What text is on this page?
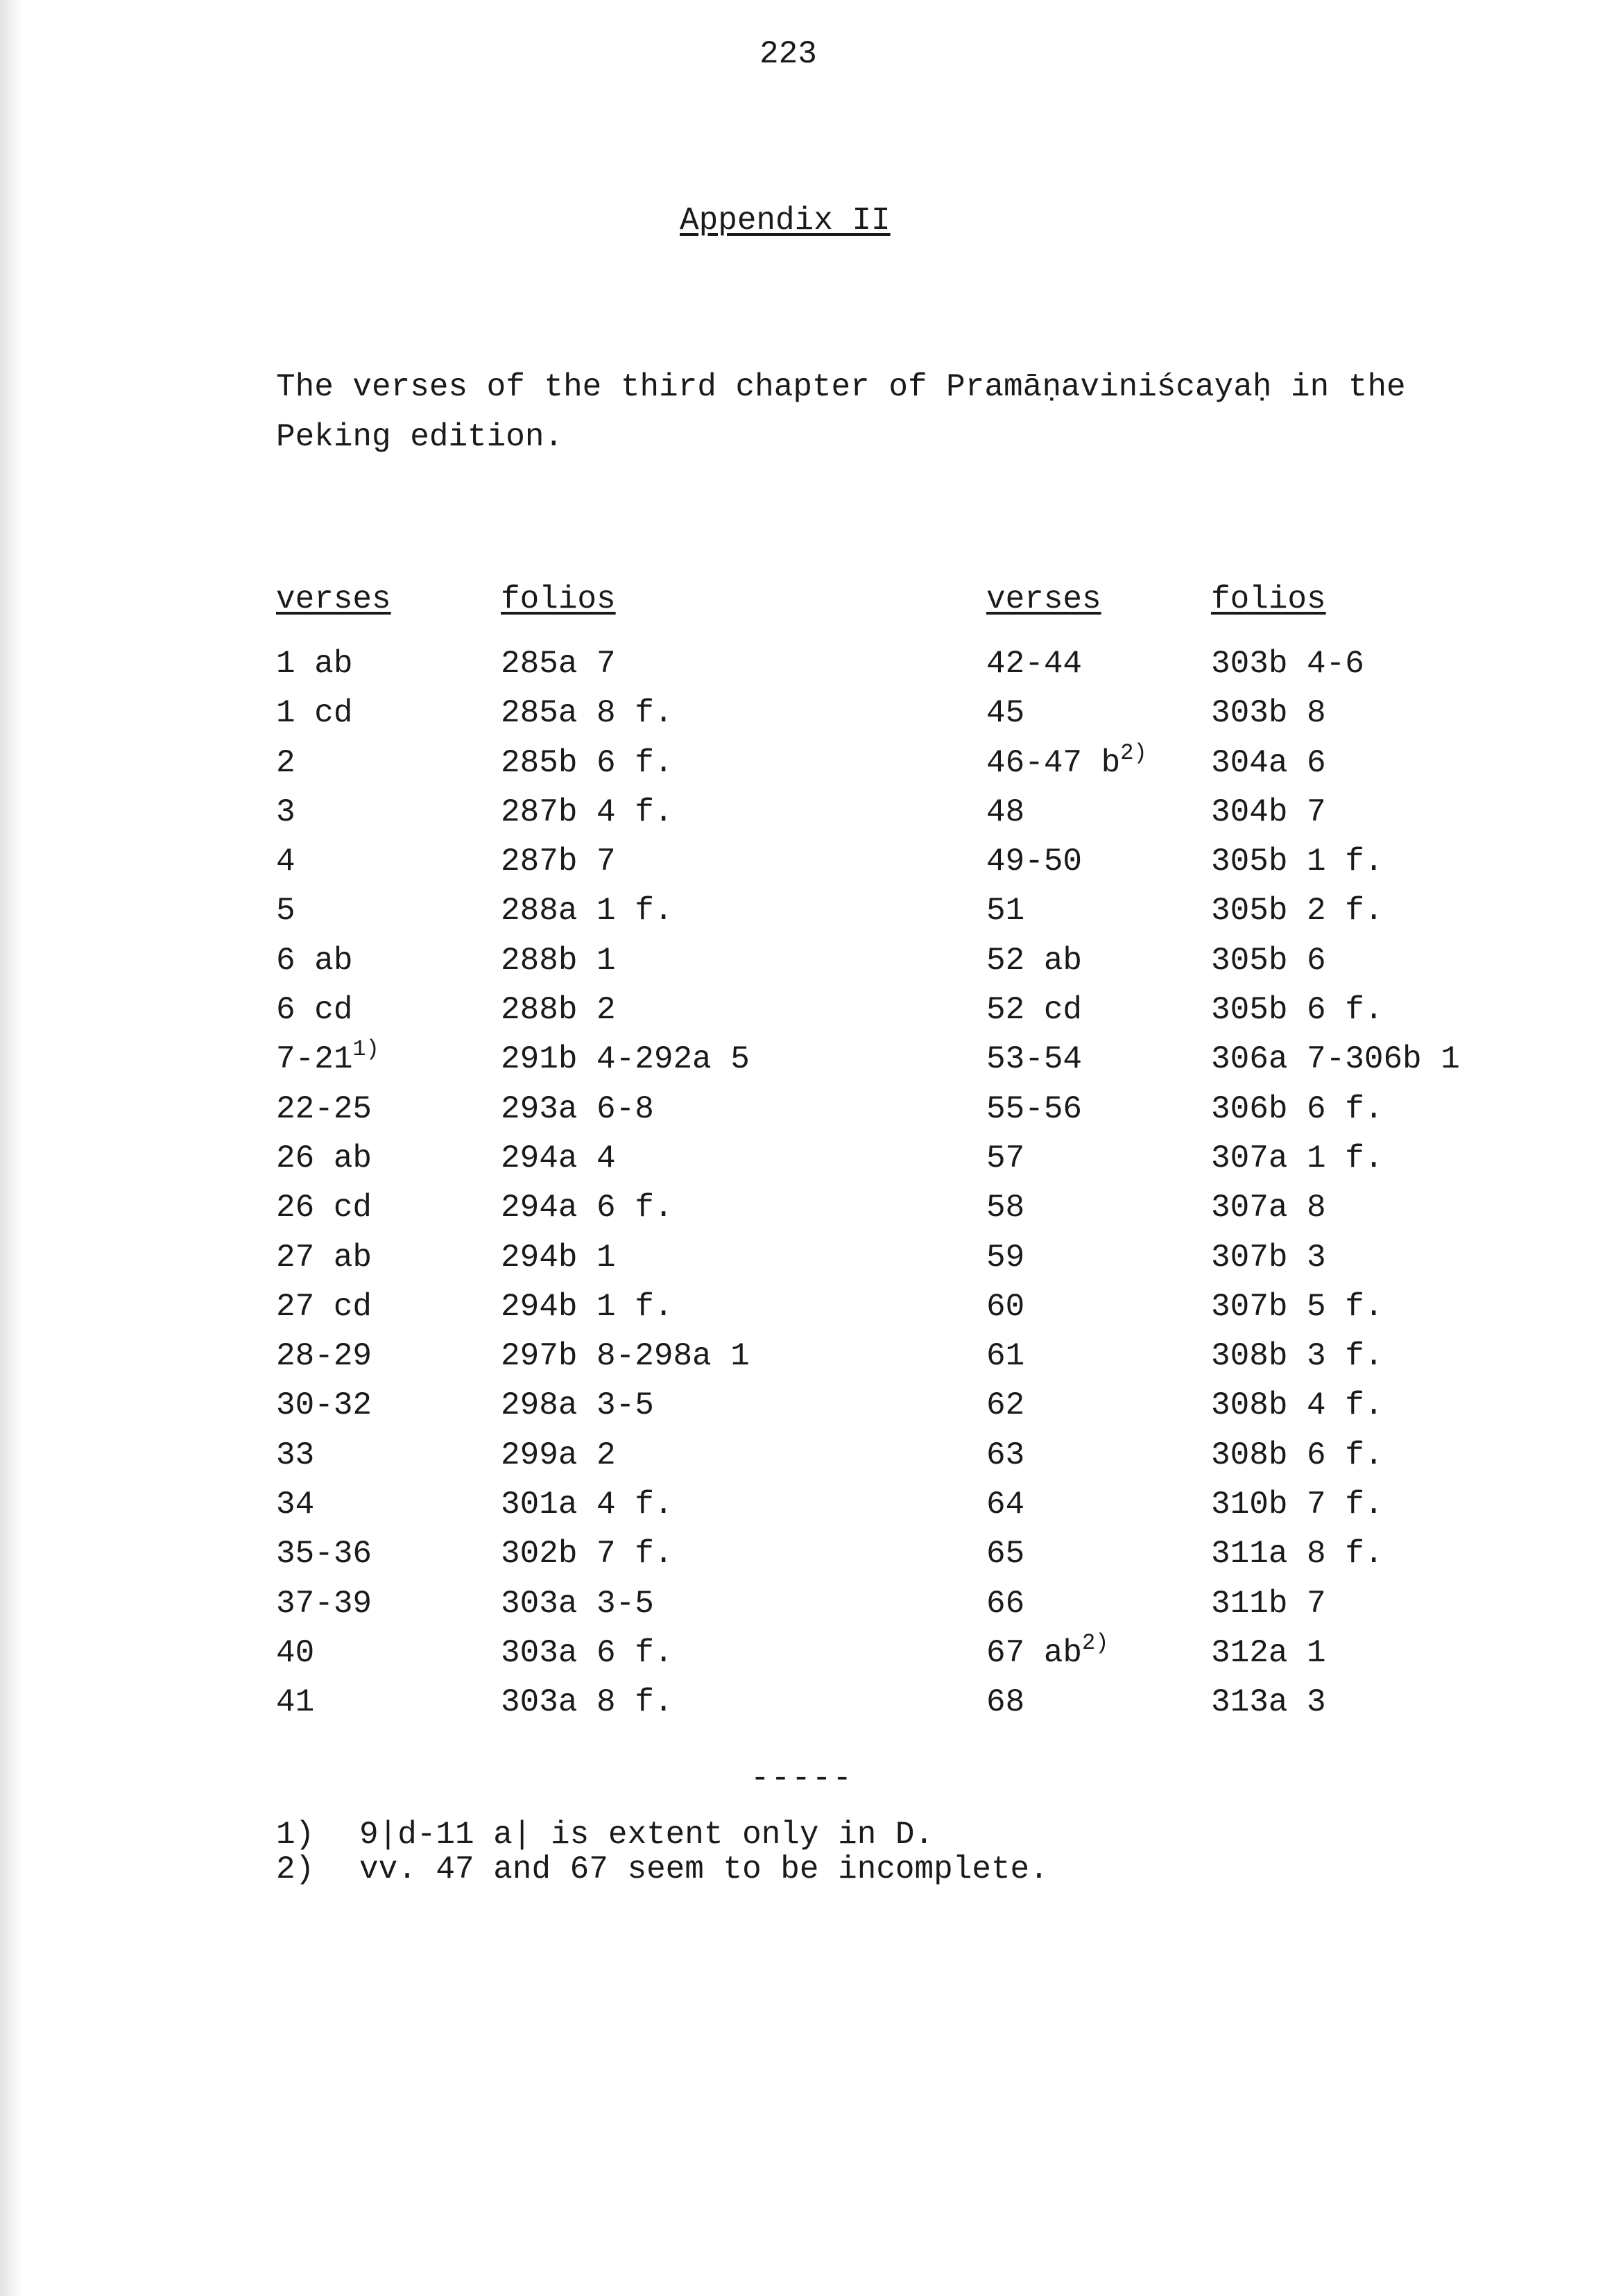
223
Appendix II
The verses of the third chapter of Pramāṇaviniścayaḥ in the Peking edition.
verses
1 ab
1 cd
2
3
4
5
6 ab
6 cd
7-21$^{1)}$
22-25
26 ab
26 cd
27 ab
27 cd
28-29
30-32
33
34
35-36
37-39
40
41
folios
285a 7
285a 8 f.
285b 6 f.
287b 4 f.
287b 7
288a 1 f.
288b 1
288b 2
291b 4-292a 5
293a 6-8
294a 4
294a 6 f.
294b 1
294b 1 f.
297b 8-298a 1
298a 3-5
299a 2
301a 4 f.
302b 7 f.
303a 3-5
303a 6 f.
303a 8 f.
verses
42-44
45
46-47 $b^{2)}$
48
49-50
51
52 ab
52 cd
53-54
55-56
57
58
59
60
61
62
63
64
65
66
67 $ab^{2)}$
68
folios
303b 4-6
303b 8
304a 6
304b 7
305b 1 f.
305b 2 f.
305b 6
305b 6 f.
306a 7-306b 1
306b 6 f.
307a 1 f.
307a 8
307b 3
307b 5 f.
308b 3 f.
308b 4 f.
308b 6 f.
310b 7 f.
311a 8 f.
311b 7
312a 1
313a 3
-----
1)	9|d-11 a| is extent only in D.
2)	vv. 47 and 67 seem to be incomplete.
